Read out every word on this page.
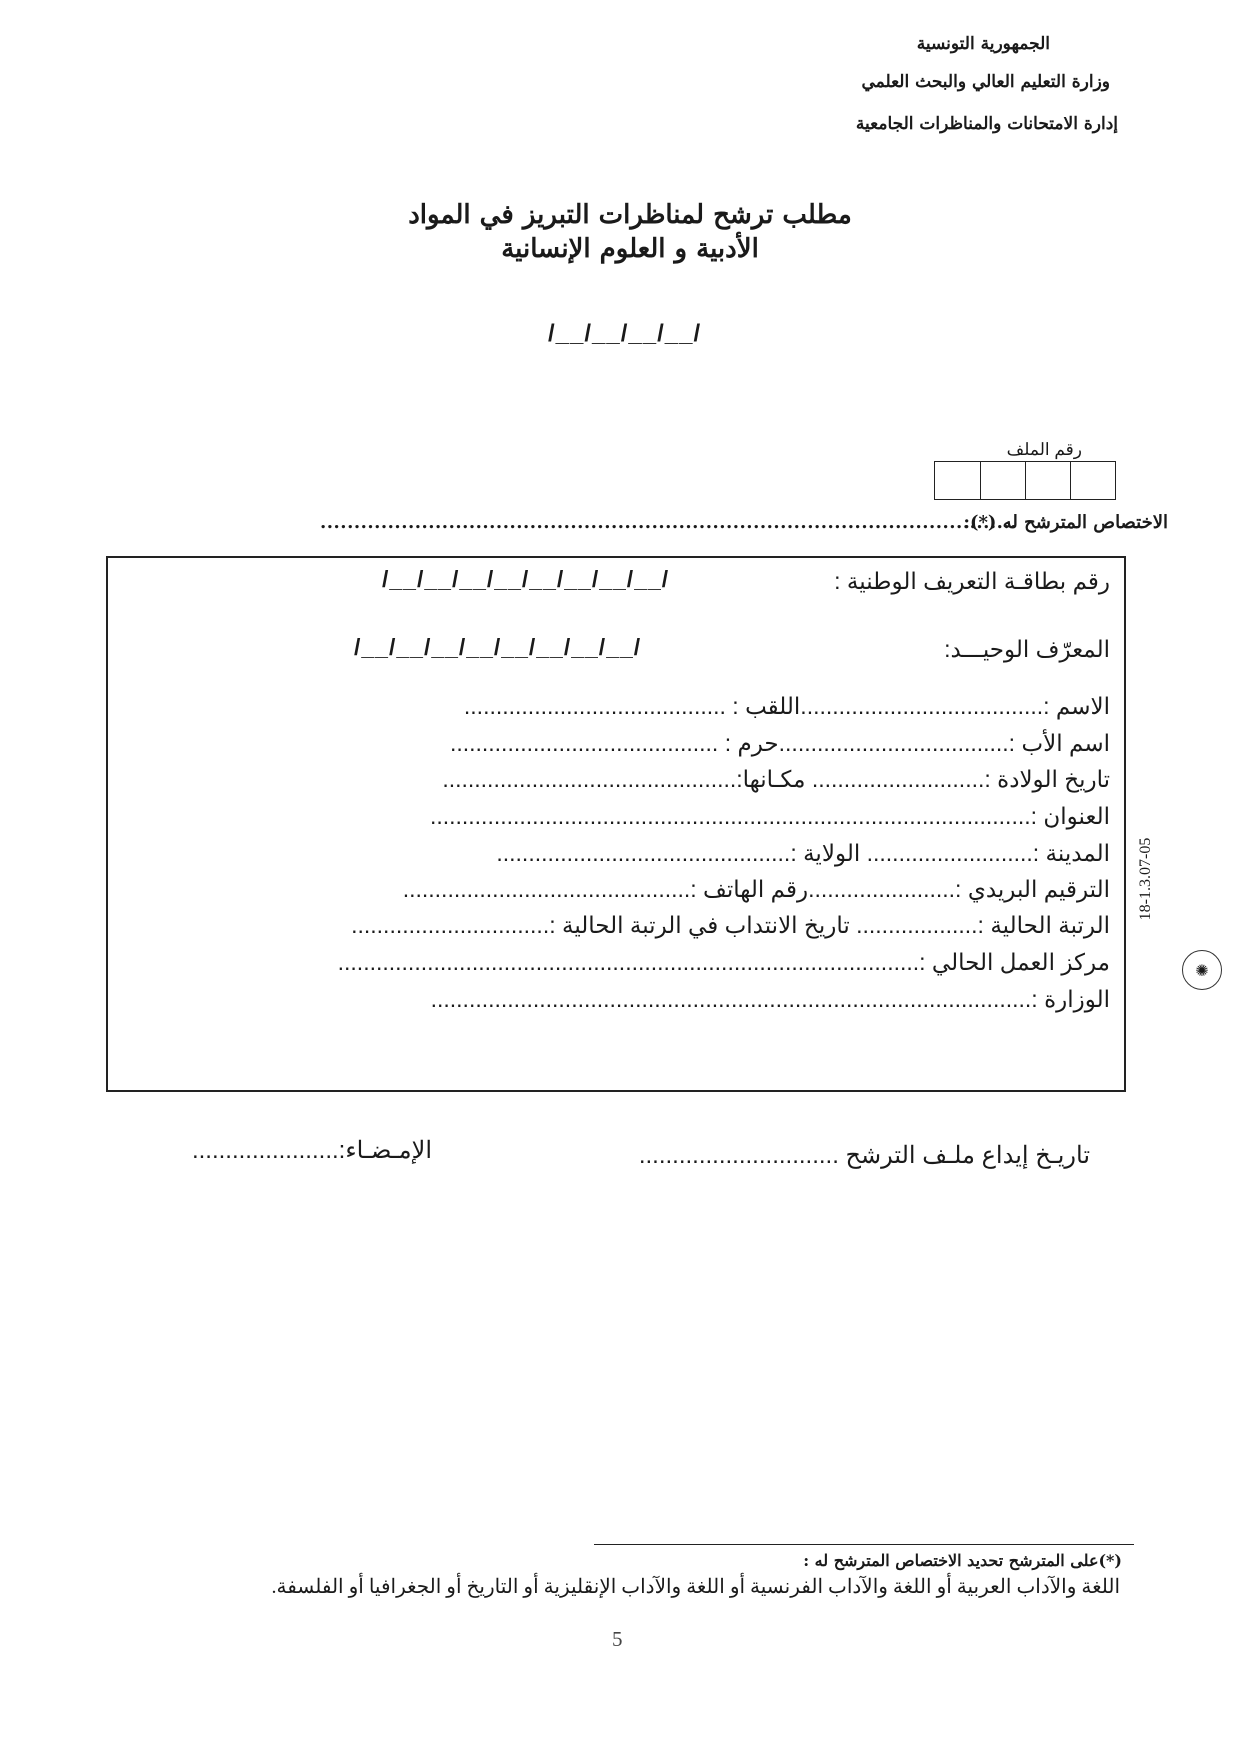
الجمهورية التونسية
وزارة التعليم العالي والبحث العلمي
إدارة الامتحانات والمناظرات الجامعية
مطلب ترشح لمناظرات التبريز في المواد
الأدبية و العلوم الإنسانية
/__/__/__/__/
رقم الملف
الاختصاص المترشح له (*):
.......................................................................................................
رقم بطاقـة التعريف الوطنية :
/__/__/__/__/__/__/__/__/
المعرّف الوحيـــد:
/__/__/__/__/__/__/__/__/
الاسم :......................................اللقب : .........................................
اسم الأب :....................................حرم : ..........................................
تاريخ الولادة :........................... مكـانها:..............................................
العنوان :..............................................................................................
المدينة :.......................... الولاية :..............................................
الترقيم البريدي :.......................رقم الهاتف :.............................................
الرتبة الحالية :................... تاريخ الانتداب في الرتبة الحالية :...............................
مركز العمل الحالي :...........................................................................................
الوزارة :..............................................................................................
تاريـخ إيداع ملـف الترشح ..............................
الإمـضـاء:......................
18-1.3.07-05
✺
(*)على المترشح تحديد الاختصاص المترشح له :
اللغة والآداب العربية أو اللغة والآداب الفرنسية أو اللغة والآداب الإنقليزية أو التاريخ أو الجغرافيا أو الفلسفة.
5
